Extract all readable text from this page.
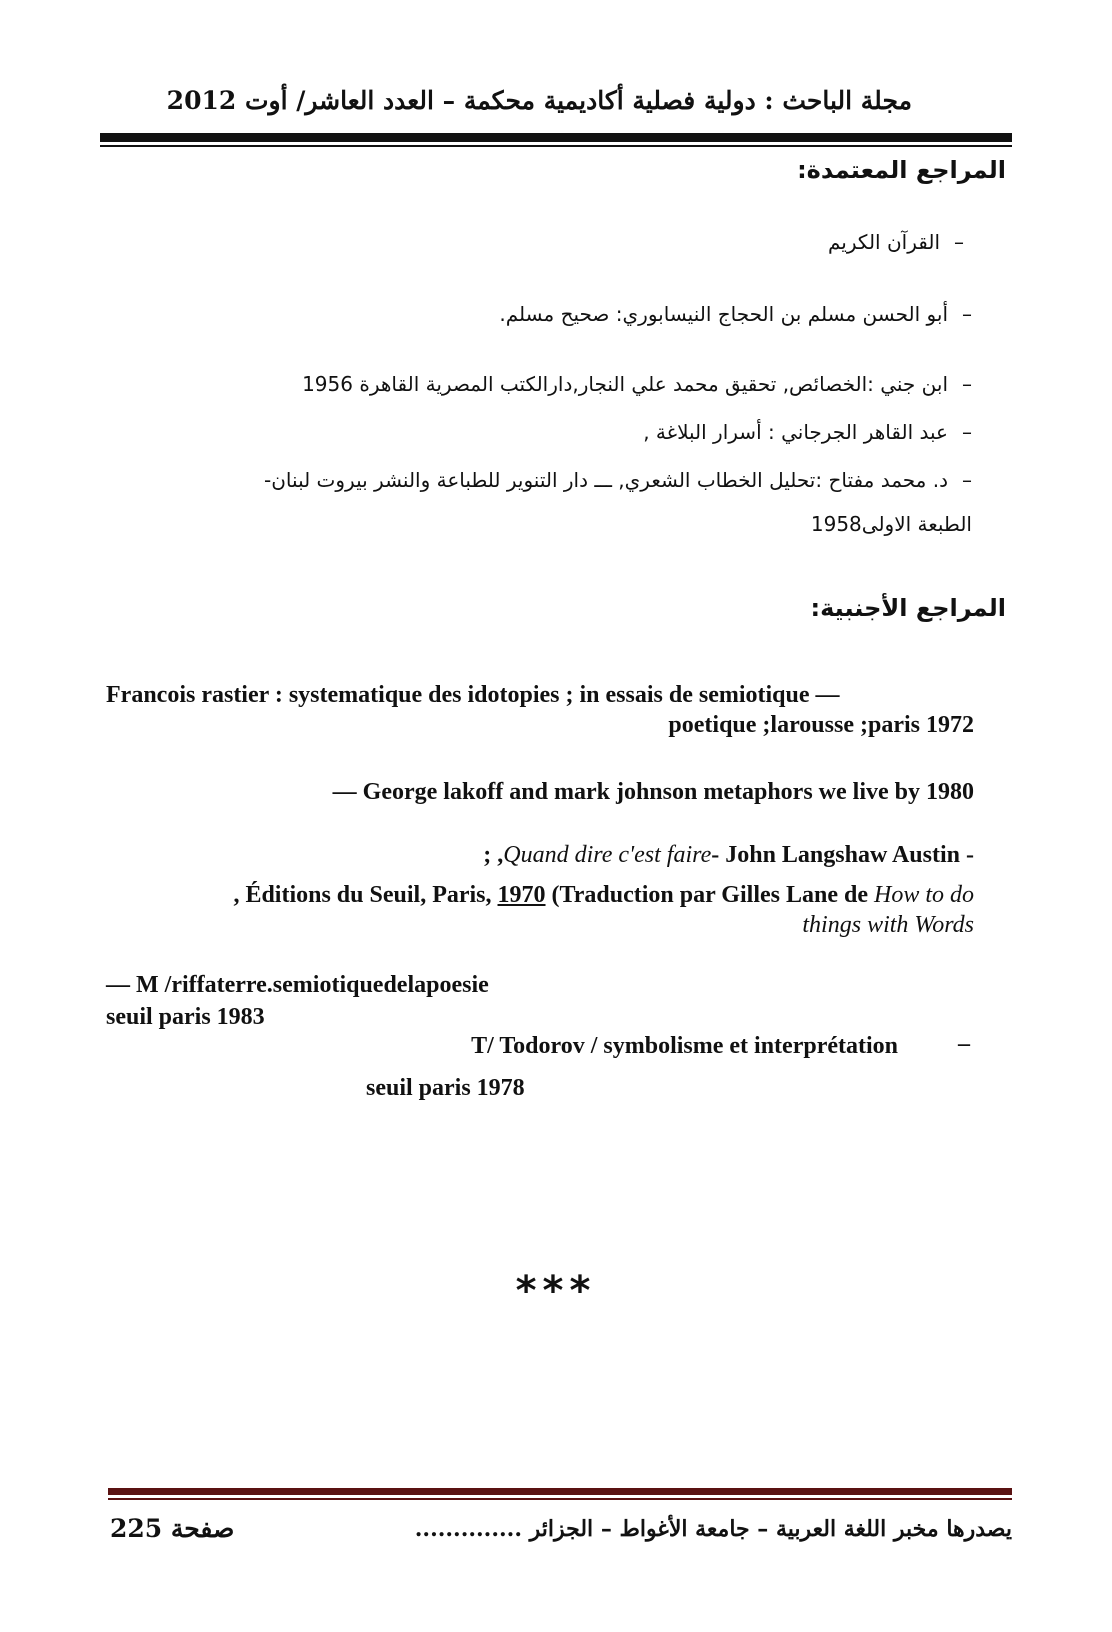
مجلة الباحث : دولية فصلية أكاديمية محكمة – العدد العاشر/ أوت 2012
المراجع المعتمدة:
–القرآن الكريم
–أبو الحسن مسلم بن الحجاج النيسابوري: صحيح مسلم.
–ابن جني :الخصائص, تحقيق محمد علي النجار,دارالكتب المصرية القاهرة 1956
–عبد القاهر الجرجاني : أسرار البلاغة ,
–د. محمد مفتاح :تحليل الخطاب الشعري, ـــ دار التنوير للطباعة والنشر بيروت لبنان-
الطبعة الاولى1958
المراجع الأجنبية:
Francois rastier : systematique des idotopies ; in essais de semiotique —
poetique ;larousse ;paris 1972
— George lakoff and mark johnson metaphors we live by 1980
; ,Quand dire c'est faire- John Langshaw Austin -
, Éditions du Seuil, Paris, 1970 (Traduction par Gilles Lane de How to do
things with Words
— M /riffaterre.semiotiquedelapoesie
seuil paris 1983
T/ Todorov / symbolisme et interprétation	–
seuil paris 1978
***
يصدرها مخبر اللغة العربية – جامعة الأغواط – الجزائر ..............
صفحة 225
